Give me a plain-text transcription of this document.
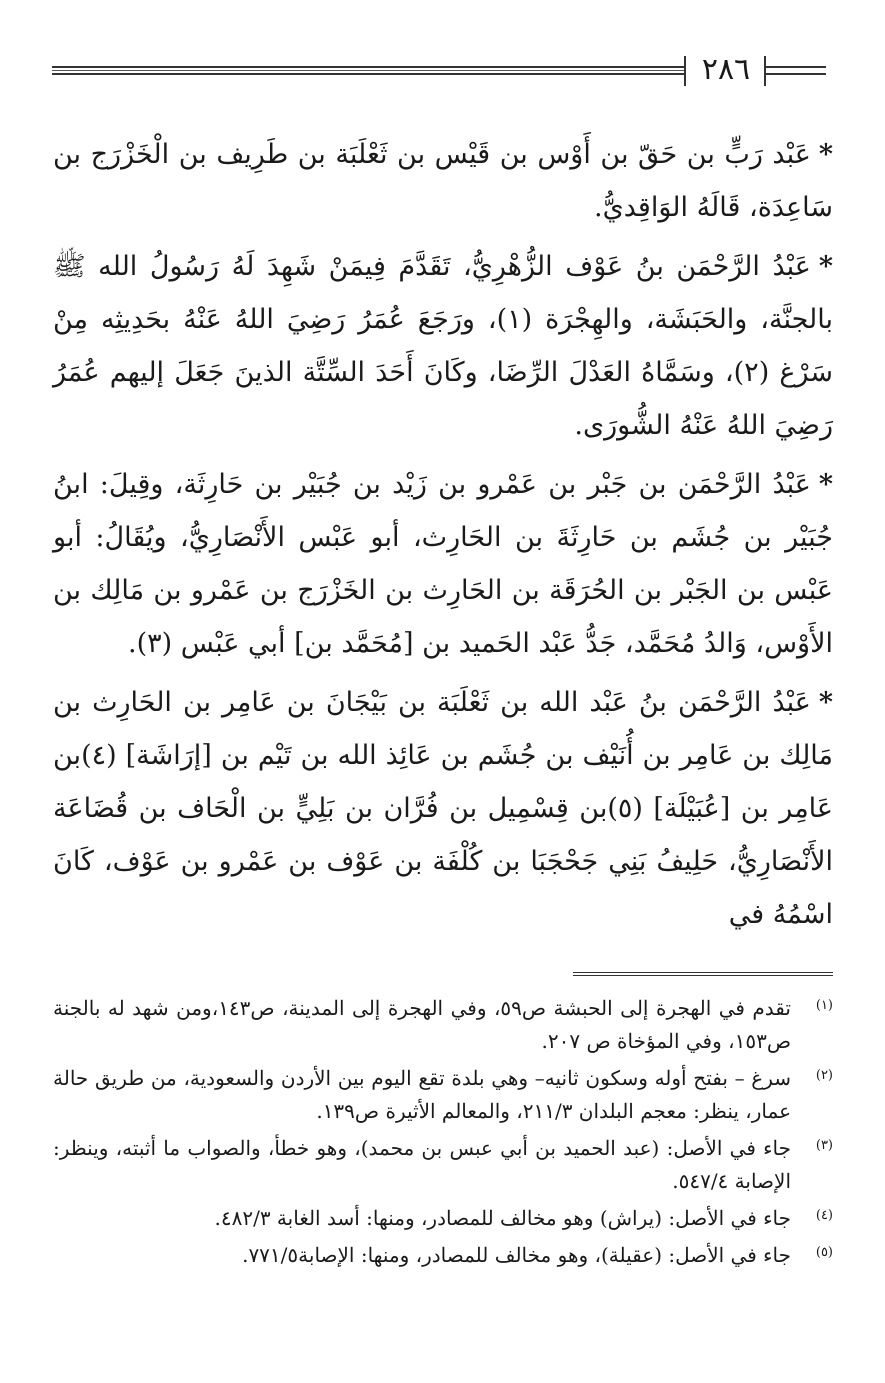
٢٨٦

*عَبْد رَبٍّ بن حَقّ بن أَوْس بن قَيْس بن ثَعْلَبَة بن طَرِيف بن الْخَزْرَج بن سَاعِدَة، قَالَهُ الوَاقِديُّ.

*عَبْدُ الرَّحْمَن بنُ عَوْف الزُّهْرِيُّ، تَقَدَّمَ فِيمَنْ شَهِدَ لَهُ رَسُولُ الله ﷺ بالجنَّة، والحَبَشَة، والهِجْرَة (١)، ورَجَعَ عُمَرُ رَضِيَ اللهُ عَنْهُ بحَدِيثِه مِنْ سَرْغ (٢)، وسَمَّاهُ العَدْلَ الرِّضَا، وكَانَ أَحَدَ السِّتَّة الذينَ جَعَلَ إليهم عُمَرُ رَضِيَ اللهُ عَنْهُ الشُّورَى.

*عَبْدُ الرَّحْمَن بن جَبْر بن عَمْرو بن زَيْد بن جُبَيْر بن حَارِثَة، وقِيلَ: ابنُ جُبَيْر بن جُشَم بن حَارِثَةَ بن الحَارِث، أبو عَبْس الأَنْصَارِيُّ، ويُقَالُ: أبو عَبْس بن الجَبْر بن الحُرَقَة بن الحَارِث بن الخَزْرَج بن عَمْرو بن مَالِك بن الأَوْس، وَالدُ مُحَمَّد، جَدُّ عَبْد الحَميد بن [مُحَمَّد بن] أبي عَبْس (٣).

*عَبْدُ الرَّحْمَن بنُ عَبْد الله بن ثَعْلَبَة بن بَيْجَانَ بن عَامِر بن الحَارِث بن مَالِك بن عَامِر بن أُنَيْف بن جُشَم بن عَائِذ الله بن تَيْم بن [إرَاشَة] (٤)بن عَامِر بن [عُبَيْلَة] (٥)بن قِسْمِيل بن فُرَّان بن بَلِيٍّ بن الْحَاف بن قُضَاعَة الأَنْصَارِيُّ، حَلِيفُ بَنِي جَحْجَبَا بن كُلْفَة بن عَوْف بن عَمْرو بن عَوْف، كَانَ اسْمُهُ في

(١)
تقدم في الهجرة إلى الحبشة ص٥٩، وفي الهجرة إلى المدينة، ص١٤٣،ومن شهد له بالجنة ص١٥٣، وفي المؤخاة ص ٢٠٧.
(٢)
سرغ – بفتح أوله وسكون ثانيه– وهي بلدة تقع اليوم بين الأردن والسعودية، من طريق حالة عمار، ينظر: معجم البلدان ٢١١/٣، والمعالم الأثيرة ص١٣٩.
(٣)
جاء في الأصل: (عبد الحميد بن أبي عبس بن محمد)، وهو خطأ، والصواب ما أثبته، وينظر: الإصابة ٥٤٧/٤.
(٤)
جاء في الأصل: (يراش) وهو مخالف للمصادر، ومنها: أسد الغابة ٤٨٢/٣.
(٥)
جاء في الأصل: (عقيلة)، وهو مخالف للمصادر، ومنها: الإصابة٧٧١/٥.
